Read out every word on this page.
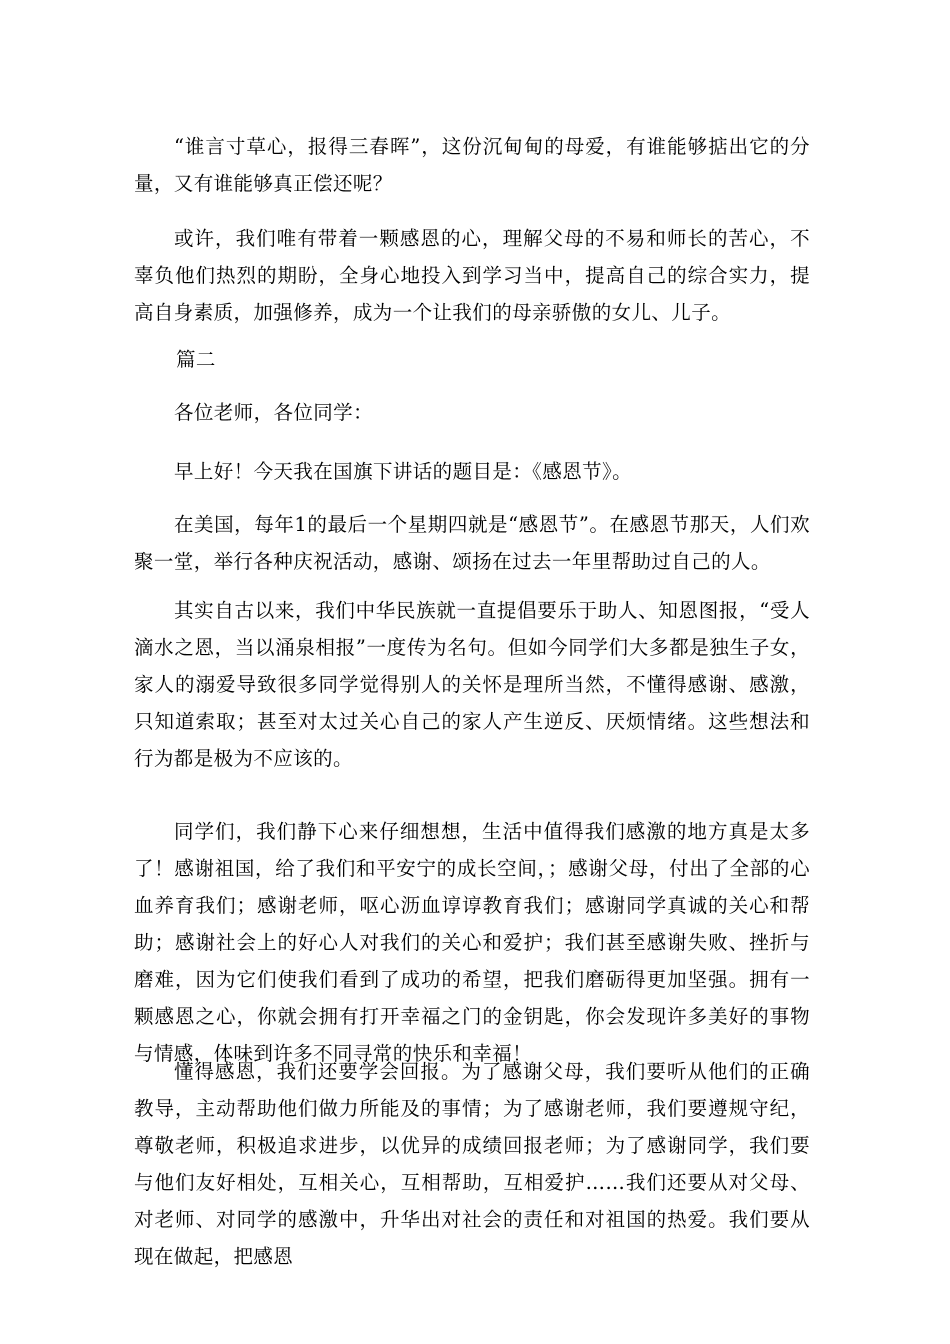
“谁言寸草心，报得三春晖”，这份沉甸甸的母爱，有谁能够掂出它的分量，又有谁能够真正偿还呢？

或许，我们唯有带着一颗感恩的心，理解父母的不易和师长的苦心，不辜负他们热烈的期盼，全身心地投入到学习当中，提高自己的综合实力，提高自身素质，加强修养，成为一个让我们的母亲骄傲的女儿、儿子。

篇二

各位老师，各位同学：

早上好！今天我在国旗下讲话的题目是：《感恩节》。

在美国，每年1的最后一个星期四就是“感恩节”。在感恩节那天，人们欢聚一堂，举行各种庆祝活动，感谢、颂扬在过去一年里帮助过自己的人。

其实自古以来，我们中华民族就一直提倡要乐于助人、知恩图报，“受人滴水之恩，当以涌泉相报”一度传为名句。但如今同学们大多都是独生子女，家人的溺爱导致很多同学觉得别人的关怀是理所当然，不懂得感谢、感激，只知道索取；甚至对太过关心自己的家人产生逆反、厌烦情绪。这些想法和行为都是极为不应该的。

同学们，我们静下心来仔细想想，生活中值得我们感激的地方真是太多了！感谢祖国，给了我们和平安宁的成长空间，；感谢父母，付出了全部的心血养育我们；感谢老师，呕心沥血谆谆教育我们；感谢同学真诚的关心和帮助；感谢社会上的好心人对我们的关心和爱护；我们甚至感谢失败、挫折与磨难，因为它们使我们看到了成功的希望，把我们磨砺得更加坚强。拥有一颗感恩之心，你就会拥有打开幸福之门的金钥匙，你会发现许多美好的事物与情感，体味到许多不同寻常的快乐和幸福！

懂得感恩，我们还要学会回报。为了感谢父母，我们要听从他们的正确教导，主动帮助他们做力所能及的事情；为了感谢老师，我们要遵规守纪，尊敬老师，积极追求进步，以优异的成绩回报老师；为了感谢同学，我们要与他们友好相处，互相关心，互相帮助，互相爱护……我们还要从对父母、对老师、对同学的感激中，升华出对社会的责任和对祖国的热爱。我们要从现在做起，把感恩
